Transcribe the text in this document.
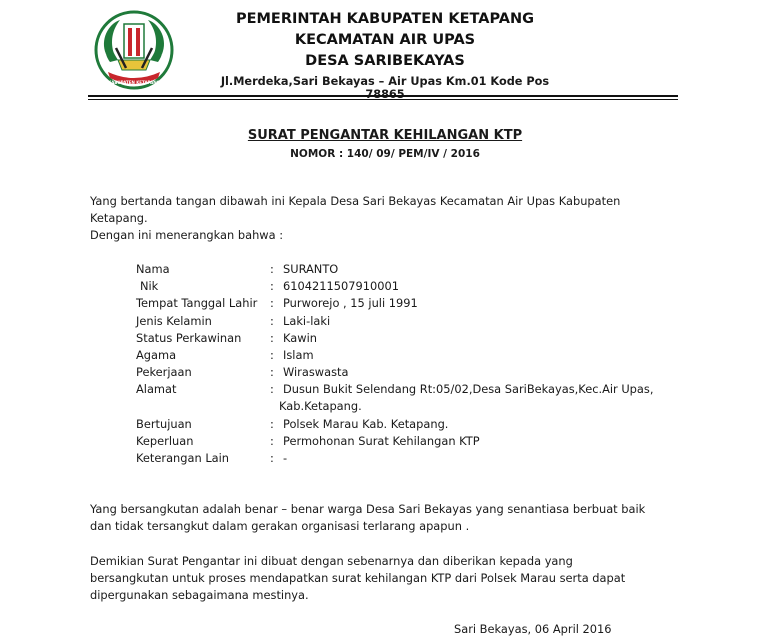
KABUPATEN KETAPANG
PEMERINTAH KABUPATEN KETAPANG
KECAMATAN AIR UPAS
DESA SARIBEKAYAS
Jl.Merdeka,Sari Bekayas – Air Upas Km.01 Kode Pos 78865
SURAT PENGANTAR KEHILANGAN KTP
NOMOR : 140/ 09/ PEM/IV / 2016
Yang bertanda tangan dibawah ini Kepala Desa Sari Bekayas Kecamatan Air Upas Kabupaten
Ketapang.
Dengan ini menerangkan bahwa :
Nama	: SURANTO
Nik	: 6104211507910001
Tempat Tanggal Lahir : Purworejo , 15 juli 1991
Jenis Kelamin	: Laki-laki
Status Perkawinan	: Kawin
Agama	: Islam
Pekerjaan	: Wiraswasta
Alamat	: Dusun Bukit Selendang Rt:05/02,Desa SariBekayas,Kec.Air Upas,
Kab.Ketapang.
Bertujuan	: Polsek Marau Kab. Ketapang.
Keperluan	: Permohonan Surat Kehilangan KTP
Keterangan Lain	: -
Yang bersangkutan adalah benar – benar warga Desa Sari Bekayas yang senantiasa berbuat baik
dan tidak tersangkut dalam gerakan organisasi terlarang apapun .
Demikian Surat Pengantar ini dibuat dengan sebenarnya dan diberikan kepada yang
bersangkutan untuk proses mendapatkan surat kehilangan KTP dari Polsek Marau serta dapat
dipergunakan sebagaimana mestinya.
Sari Bekayas, 06 April 2016
